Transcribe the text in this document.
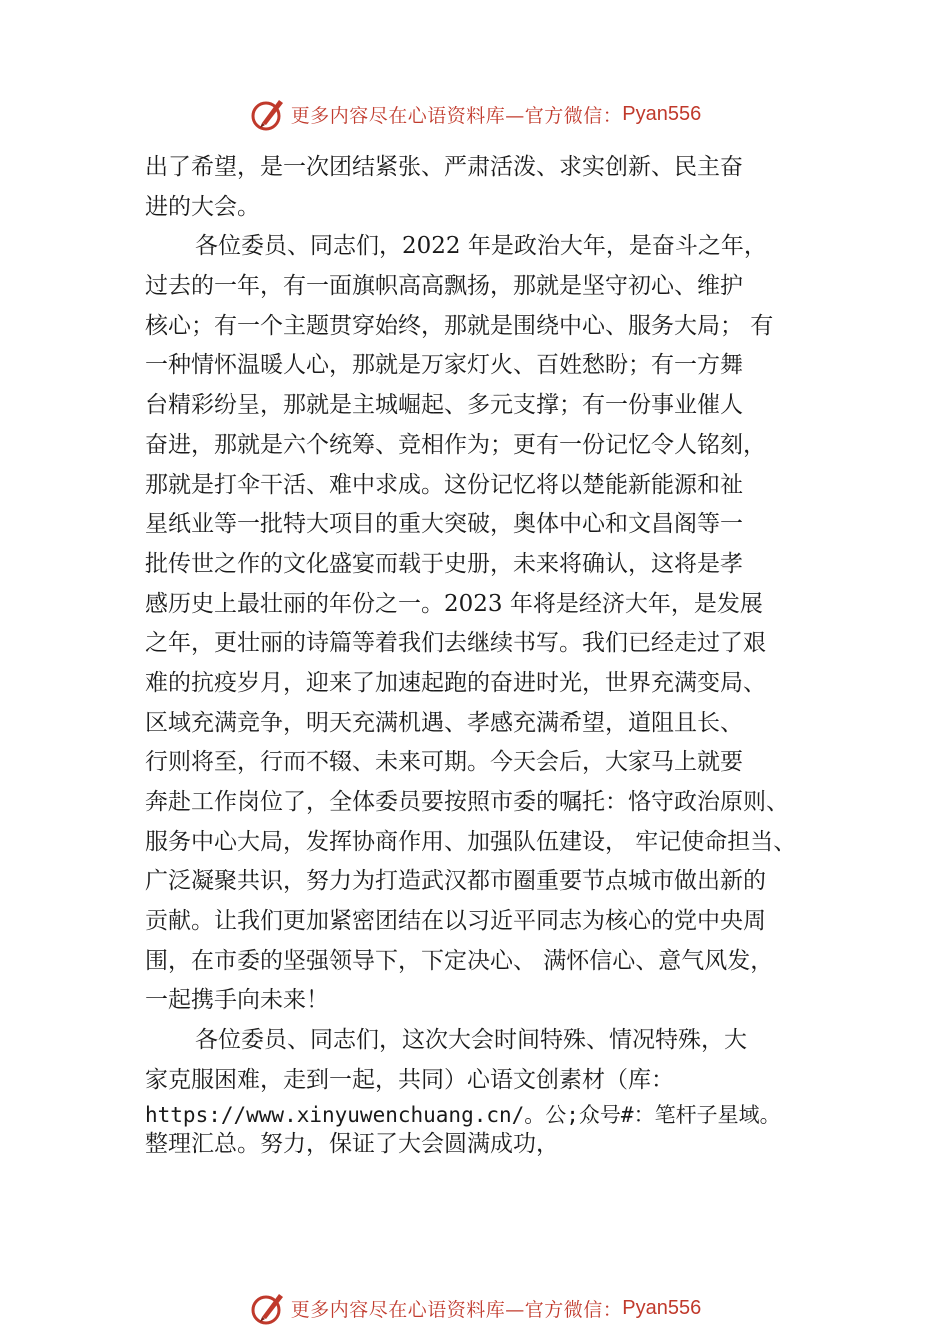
更多内容尽在心语资料库—官方微信： Pyan556
出了希望，是一次团结紧张、严肃活泼、求实创新、民主奋
进的大会。
各位委员、同志们，2022 年是政治大年，是奋斗之年，
过去的一年，有一面旗帜高高飘扬，那就是坚守初心、维护
核心；有一个主题贯穿始终，那就是围绕中心、服务大局； 有
一种情怀温暖人心，那就是万家灯火、百姓愁盼；有一方舞
台精彩纷呈，那就是主城崛起、多元支撑；有一份事业催人
奋进，那就是六个统筹、竞相作为；更有一份记忆令人铭刻，
那就是打伞干活、难中求成。这份记忆将以楚能新能源和祉
星纸业等一批特大项目的重大突破，奥体中心和文昌阁等一
批传世之作的文化盛宴而载于史册，未来将确认，这将是孝
感历史上最壮丽的年份之一。2023 年将是经济大年，是发展
之年，更壮丽的诗篇等着我们去继续书写。我们已经走过了艰
难的抗疫岁月，迎来了加速起跑的奋进时光，世界充满变局、
区域充满竞争，明天充满机遇、孝感充满希望，道阻且长、
行则将至，行而不辍、未来可期。今天会后，大家马上就要
奔赴工作岗位了，全体委员要按照市委的嘱托：恪守政治原则、
服务中心大局，发挥协商作用、加强队伍建设， 牢记使命担当、
广泛凝聚共识，努力为打造武汉都市圈重要节点城市做出新的
贡献。让我们更加紧密团结在以习近平同志为核心的党中央周
围，在市委的坚强领导下，下定决心、 满怀信心、意气风发，
一起携手向未来！
各位委员、同志们，这次大会时间特殊、情况特殊，大
家克服困难，走到一起，共同）心语文创素材（库：
https://www.xinyuwenchuang.cn/。公;众号#：笔杆子星域。
整理汇总。努力，保证了大会圆满成功，
更多内容尽在心语资料库—官方微信： Pyan556
